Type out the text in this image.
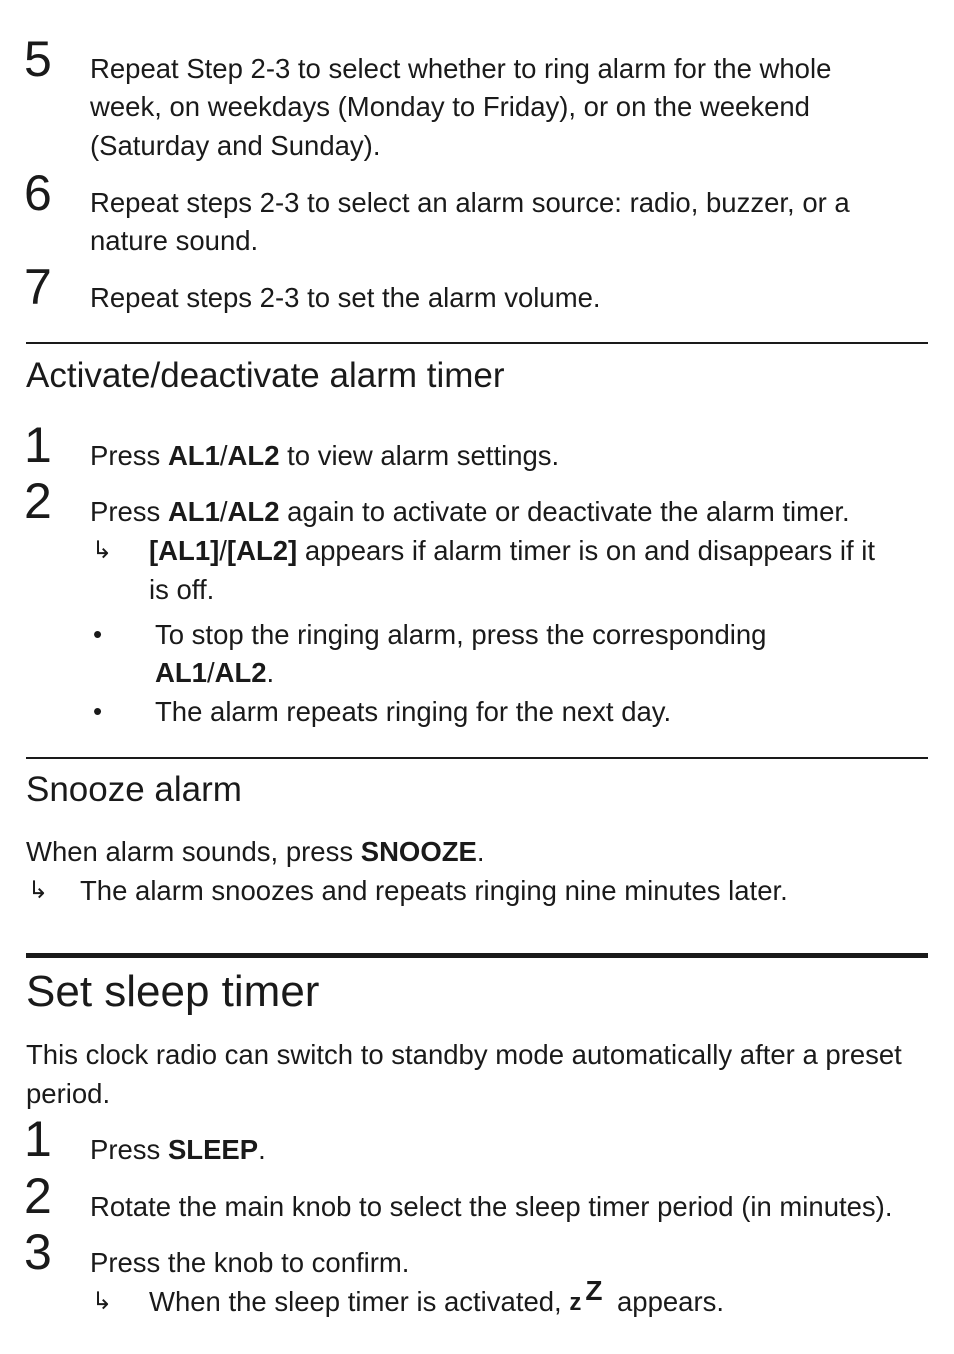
5 Repeat Step 2-3 to select whether to ring alarm for the whole
week, on weekdays (Monday to Friday), or on the weekend
(Saturday and Sunday).
6 Repeat steps 2-3 to select an alarm source: radio, buzzer, or a
nature sound.
7 Repeat steps 2-3 to set the alarm volume.
Activate/deactivate alarm timer
1 Press AL1/AL2 to view alarm settings.
2 Press AL1/AL2 again to activate or deactivate the alarm timer.
↳ [AL1]/[AL2] appears if alarm timer is on and disappears if it
is off.
• To stop the ringing alarm, press the corresponding
AL1/AL2.
• The alarm repeats ringing for the next day.
Snooze alarm
When alarm sounds, press SNOOZE.
↳ The alarm snoozes and repeats ringing nine minutes later.
Set sleep timer
This clock radio can switch to standby mode automatically after a preset
period.
1 Press SLEEP.
2 Rotate the main knob to select the sleep timer period (in minutes).
3 Press the knob to confirm.
↳ When the sleep timer is activated, z Z appears.
